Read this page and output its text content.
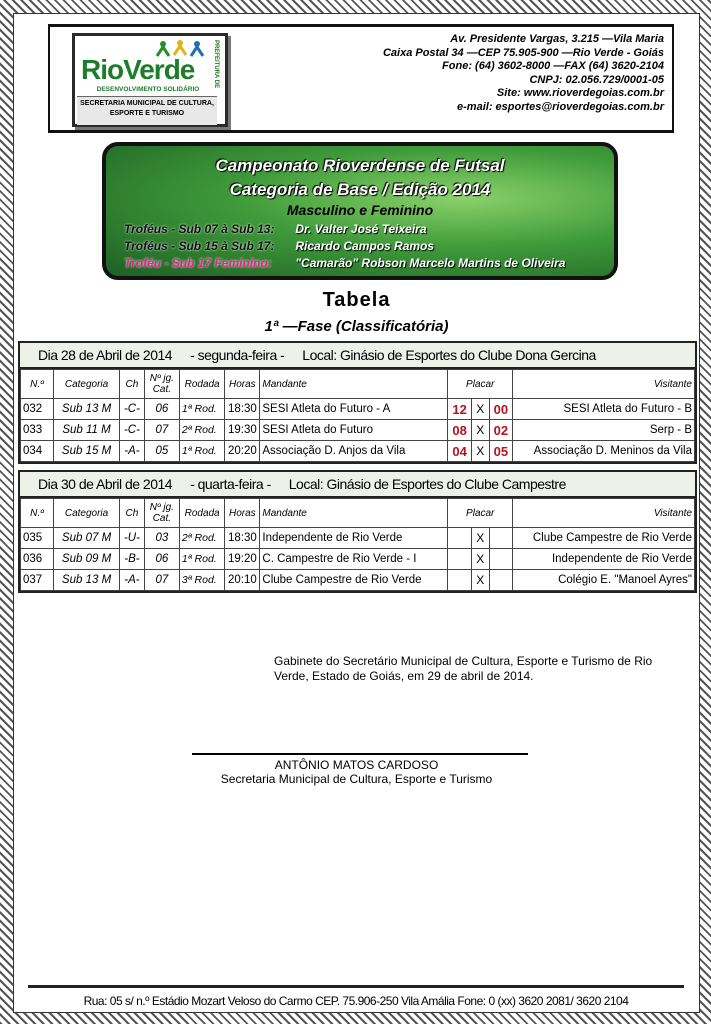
PREFEITURA DE
RioVerde
DESENVOLVIMENTO SOLIDÁRIO
SECRETARIA MUNICIPAL DE CULTURA, ESPORTE E TURISMO
Av. Presidente Vargas, 3.215 —Vila Maria
Caixa Postal 34 —CEP 75.905-900 —Rio Verde - Goiás
Fone: (64) 3602-8000 —FAX (64) 3620-2104
CNPJ: 02.056.729/0001-05
Site: www.rioverdegoias.com.br
e-mail: esportes@rioverdegoias.com.br
Campeonato Rioverdense de Futsal
Categoria de Base / Edição 2014
Masculino e Feminino
Troféus - Sub 07 à Sub 13: Dr. Valter José Teixeira
Troféus - Sub 15 à Sub 17: Ricardo Campos Ramos
Troféu - Sub 17 Feminino: "Camarão" Robson Marcelo Martins de Oliveira
Tabela
1ª —Fase (Classificatória)
Dia 28 de Abril de 2014 - segunda-feira - Local: Ginásio de Esportes do Clube Dona Gercina
N.º	Categoria	Ch	Nº jg. Cat.	Rodada	Horas	Mandante	Placar			Visitante
032	Sub 13 M	-C-	06	1ª Rod.	18:30	SESI Atleta do Futuro - A	12	X	00	SESI Atleta do Futuro - B
033	Sub 11 M	-C-	07	2ª Rod.	19:30	SESI Atleta do Futuro	08	X	02	Serp - B
034	Sub 15 M	-A-	05	1ª Rod.	20:20	Associação D. Anjos da Vila	04	X	05	Associação D. Meninos da Vila
Dia 30 de Abril de 2014 - quarta-feira - Local: Ginásio de Esportes do Clube Campestre
N.º	Categoria	Ch	Nº jg. Cat.	Rodada	Horas	Mandante	Placar			Visitante
035	Sub 07 M	-U-	03	2ª Rod.	18:30	Independente de Rio Verde		X		Clube Campestre de Rio Verde
036	Sub 09 M	-B-	06	1ª Rod.	19:20	C. Campestre de Rio Verde - I		X		Independente de Rio Verde
037	Sub 13 M	-A-	07	3ª Rod.	20:10	Clube Campestre de Rio Verde		X		Colégio E. "Manoel Ayres"
Gabinete do Secretário Municipal de Cultura, Esporte e Turismo de Rio Verde, Estado de Goiás, em 29 de abril de 2014.
ANTÔNIO MATOS CARDOSO
Secretaria Municipal de Cultura, Esporte e Turismo
Rua: 05 s/ n.º Estádio Mozart Veloso do Carmo CEP. 75.906-250 Vila Amália Fone: 0 (xx) 3620 2081/ 3620 2104
